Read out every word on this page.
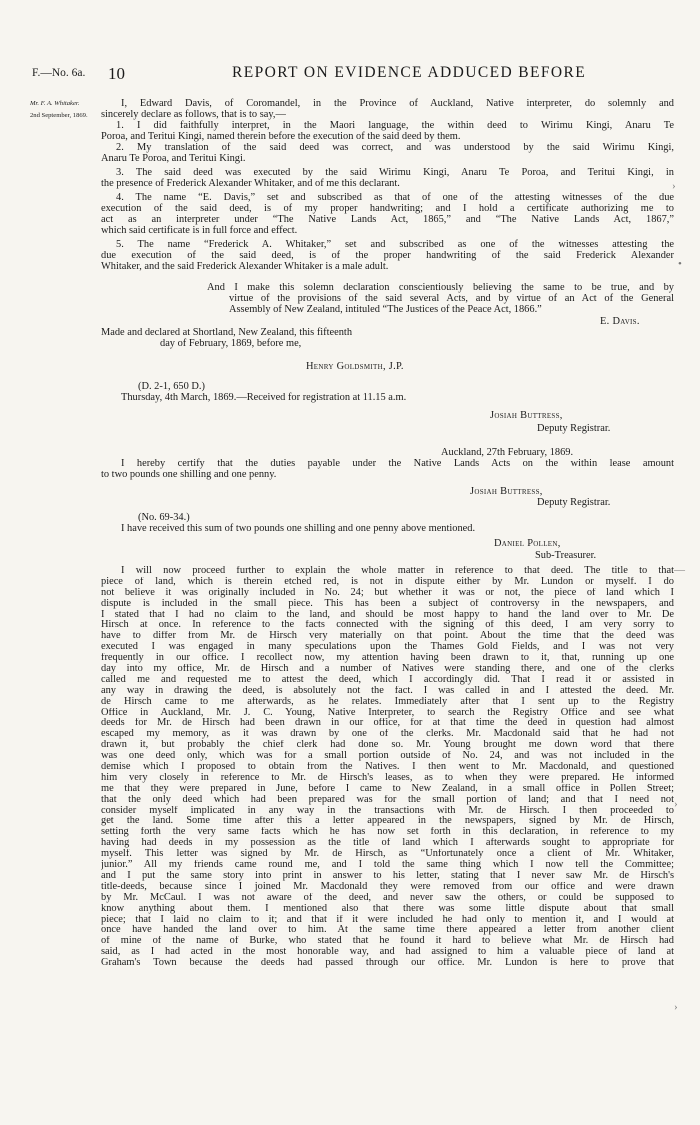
F.—No. 6a. 10	REPORT ON EVIDENCE ADDUCED BEFORE
Mr. F. A. Whitaker.
2nd September, 1869.
I, Edward Davis, of Coromandel, in the Province of Auckland, Native interpreter, do solemnly and
sincerely declare as follows, that is to say,—
1. I did faithfully interpret, in the Maori language, the within deed to Wirimu Kingi, Anaru Te
Poroa, and Teritui Kingi, named therein before the execution of the said deed by them.
2. My translation of the said deed was correct, and was understood by the said Wirimu Kingi,
Anaru Te Poroa, and Teritui Kingi.
3. The said deed was executed by the said Wirimu Kingi, Anaru Te Poroa, and Teritui Kingi, in
the presence of Frederick Alexander Whitaker, and of me this declarant.
4. The name “E. Davis,” set and subscribed as that of one of the attesting witnesses of the due
execution of the said deed, is of my proper handwriting; and I hold a certificate authorizing me to
act as an interpreter under “The Native Lands Act, 1865,” and “The Native Lands Act, 1867,”
which said certificate is in full force and effect.
5. The name “Frederick A. Whitaker,” set and subscribed as one of the witnesses attesting the
due execution of the said deed, is of the proper handwriting of the said Frederick Alexander
Whitaker, and the said Frederick Alexander Whitaker is a male adult.
And I make this solemn declaration conscientiously believing the same to be true, and by
virtue of the provisions of the said several Acts, and by virtue of an Act of the General
Assembly of New Zealand, intituled “The Justices of the Peace Act, 1866.”
E. Davis.
Made and declared at Shortland, New Zealand, this fifteenth
day of February, 1869, before me,
Henry Goldsmith, J.P.
(D. 2-1, 650 D.)
Thursday, 4th March, 1869.—Received for registration at 11.15 a.m.
Josiah Buttress,
Deputy Registrar.
Auckland, 27th February, 1869.
I hereby certify that the duties payable under the Native Lands Acts on the within lease amount
to two pounds one shilling and one penny.
Josiah Buttress,
Deputy Registrar.
(No. 69-34.)
I have received this sum of two pounds one shilling and one penny above mentioned.
Daniel Pollen,
Sub-Treasurer.
I will now proceed further to explain the whole matter in reference to that deed. The title to that
piece of land, which is therein etched red, is not in dispute either by Mr. Lundon or myself. I do
not believe it was originally included in No. 24; but whether it was or not, the piece of land which I
dispute is included in the small piece. This has been a subject of controversy in the newspapers, and
I stated that I had no claim to the land, and should be most happy to hand the land over to Mr. De
Hirsch at once. In reference to the facts connected with the signing of this deed, I am very sorry to
have to differ from Mr. de Hirsch very materially on that point. About the time that the deed was
executed I was engaged in many speculations upon the Thames Gold Fields, and I was not very
frequently in our office. I recollect now, my attention having been drawn to it, that, running up one
day into my office, Mr. de Hirsch and a number of Natives were standing there, and one of the clerks
called me and requested me to attest the deed, which I accordingly did. That I read it or assisted in
any way in drawing the deed, is absolutely not the fact. I was called in and I attested the deed. Mr.
de Hirsch came to me afterwards, as he relates. Immediately after that I sent up to the Registry
Office in Auckland, Mr. J. C. Young, Native Interpreter, to search the Registry Office and see what
deeds for Mr. de Hirsch had been drawn in our office, for at that time the deed in question had almost
escaped my memory, as it was drawn by one of the clerks. Mr. Macdonald said that he had not
drawn it, but probably the chief clerk had done so. Mr. Young brought me down word that there
was one deed only, which was for a small portion outside of No. 24, and was not included in the
demise which I proposed to obtain from the Natives. I then went to Mr. Macdonald, and questioned
him very closely in reference to Mr. de Hirsch's leases, as to when they were prepared. He informed
me that they were prepared in June, before I came to New Zealand, in a small office in Pollen Street;
that the only deed which had been prepared was for the small portion of land; and that I need not
consider myself implicated in any way in the transactions with Mr. de Hirsch. I then proceeded to
get the land. Some time after this a letter appeared in the newspapers, signed by Mr. de Hirsch,
setting forth the very same facts which he has now set forth in this declaration, in reference to my
having had deeds in my possession as the title of land which I afterwards sought to appropriate for
myself. This letter was signed by Mr. de Hirsch, as “Unfortunately once a client of Mr. Whitaker,
junior.” All my friends came round me, and I told the same thing which I now tell the Committee;
and I put the same story into print in answer to his letter, stating that I never saw Mr. de Hirsch's
title-deeds, because since I joined Mr. Macdonald they were removed from our office and were drawn
by Mr. McCaul. I was not aware of the deed, and never saw the others, or could be supposed to
know anything about them. I mentioned also that there was some little dispute about that small
piece; that I laid no claim to it; and that if it were included he had only to mention it, and I would at
once have handed the land over to him. At the same time there appeared a letter from another client
of mine of the name of Burke, who stated that he found it hard to believe what Mr. de Hirsch had
said, as I had acted in the most honorable way, and had assigned to him a valuable piece of land at
Graham's Town because the deeds had passed through our office. Mr. Lundon is here to prove that
›
•
—
›
›
